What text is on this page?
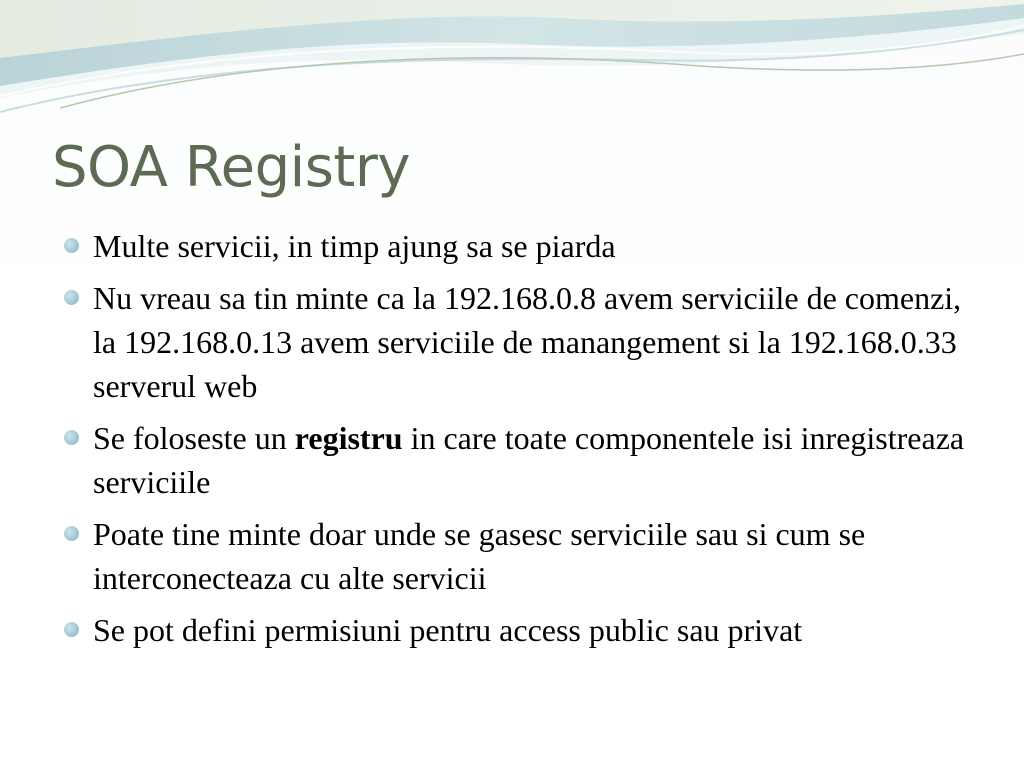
SOA Registry
Multe servicii, in timp ajung sa se piarda
Nu vreau sa tin minte ca la 192.168.0.8 avem serviciile de comenzi, la 192.168.0.13 avem serviciile de manangement si la 192.168.0.33 serverul web
Se foloseste un registru in care toate componentele isi inregistreaza serviciile
Poate tine minte doar unde se gasesc serviciile sau si cum se interconecteaza cu alte servicii
Se pot defini permisiuni pentru access public sau privat
